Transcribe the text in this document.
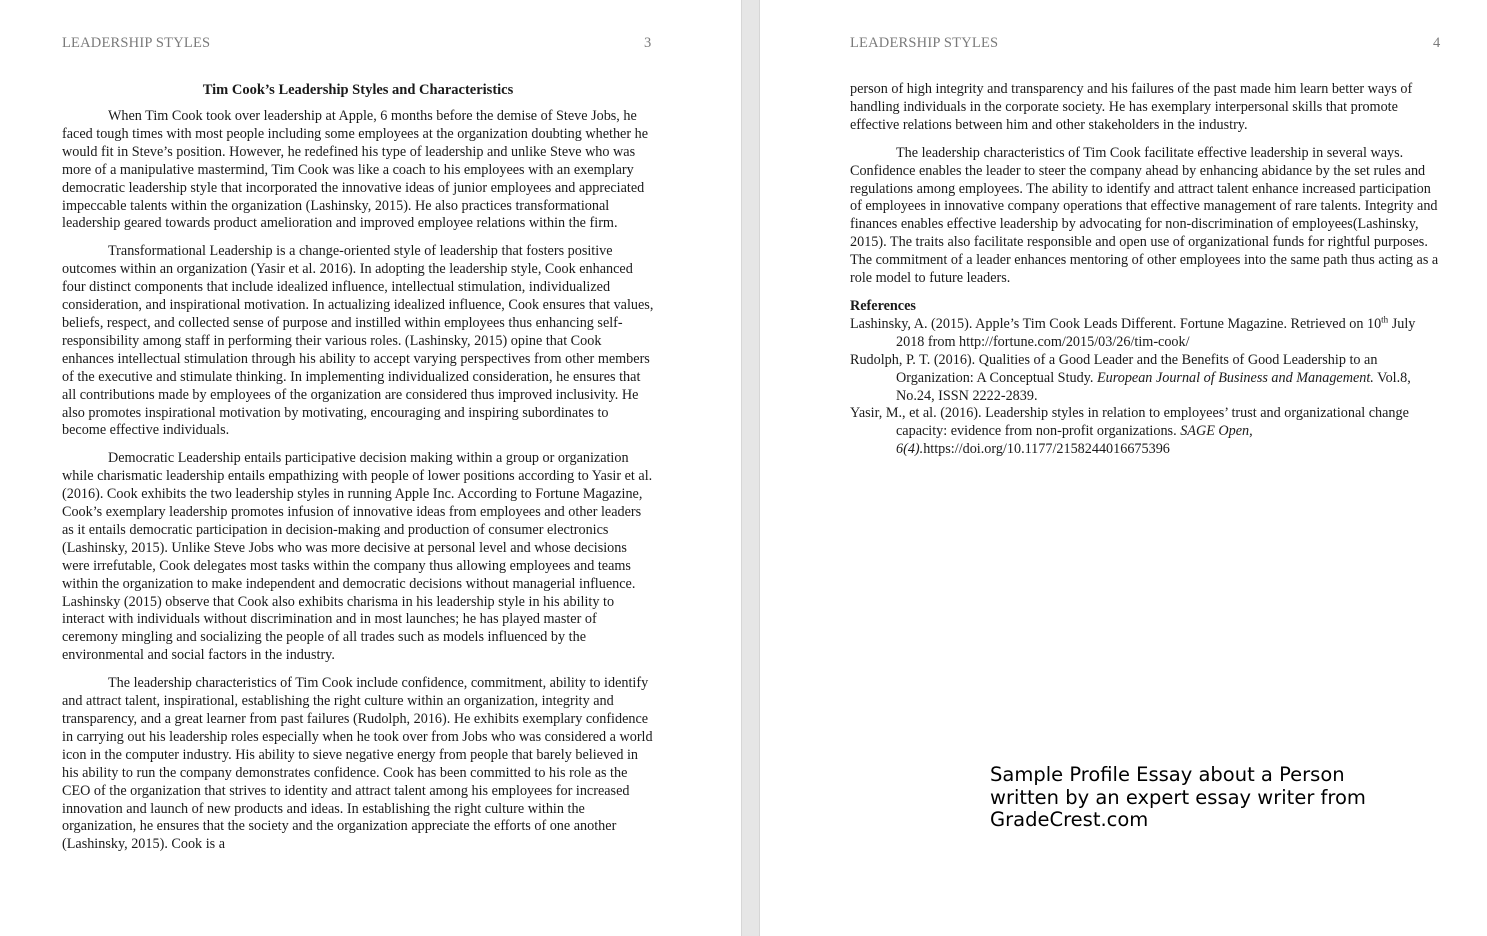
LEADERSHIP STYLES	3
Tim Cook’s Leadership Styles and Characteristics

When Tim Cook took over leadership at Apple, 6 months before the demise of Steve Jobs, he faced tough times with most people including some employees at the organization doubting whether he would fit in Steve’s position. However, he redefined his type of leadership and unlike Steve who was more of a manipulative mastermind, Tim Cook was like a coach to his employees with an exemplary democratic leadership style that incorporated the innovative ideas of junior employees and appreciated impeccable talents within the organization (Lashinsky, 2015). He also practices transformational leadership geared towards product amelioration and improved employee relations within the firm.

Transformational Leadership is a change-oriented style of leadership that fosters positive outcomes within an organization (Yasir et al. 2016). In adopting the leadership style, Cook enhanced four distinct components that include idealized influence, intellectual stimulation, individualized consideration, and inspirational motivation. In actualizing idealized influence, Cook ensures that values, beliefs, respect, and collected sense of purpose and instilled within employees thus enhancing self-responsibility among staff in performing their various roles. (Lashinsky, 2015) opine that Cook enhances intellectual stimulation through his ability to accept varying perspectives from other members of the executive and stimulate thinking. In implementing individualized consideration, he ensures that all contributions made by employees of the organization are considered thus improved inclusivity. He also promotes inspirational motivation by motivating, encouraging and inspiring subordinates to become effective individuals.

Democratic Leadership entails participative decision making within a group or organization while charismatic leadership entails empathizing with people of lower positions according to Yasir et al. (2016). Cook exhibits the two leadership styles in running Apple Inc. According to Fortune Magazine, Cook’s exemplary leadership promotes infusion of innovative ideas from employees and other leaders as it entails democratic participation in decision-making and production of consumer electronics (Lashinsky, 2015). Unlike Steve Jobs who was more decisive at personal level and whose decisions were irrefutable, Cook delegates most tasks within the company thus allowing employees and teams within the organization to make independent and democratic decisions without managerial influence. Lashinsky (2015) observe that Cook also exhibits charisma in his leadership style in his ability to interact with individuals without discrimination and in most launches; he has played master of ceremony mingling and socializing the people of all trades such as models influenced by the environmental and social factors in the industry.

The leadership characteristics of Tim Cook include confidence, commitment, ability to identify and attract talent, inspirational, establishing the right culture within an organization, integrity and transparency, and a great learner from past failures (Rudolph, 2016). He exhibits exemplary confidence in carrying out his leadership roles especially when he took over from Jobs who was considered a world icon in the computer industry. His ability to sieve negative energy from people that barely believed in his ability to run the company demonstrates confidence. Cook has been committed to his role as the CEO of the organization that strives to identity and attract talent among his employees for increased innovation and launch of new products and ideas. In establishing the right culture within the organization, he ensures that the society and the organization appreciate the efforts of one another (Lashinsky, 2015). Cook is a

LEADERSHIP STYLES	4

person of high integrity and transparency and his failures of the past made him learn better ways of handling individuals in the corporate society. He has exemplary interpersonal skills that promote effective relations between him and other stakeholders in the industry.

The leadership characteristics of Tim Cook facilitate effective leadership in several ways. Confidence enables the leader to steer the company ahead by enhancing abidance by the set rules and regulations among employees. The ability to identify and attract talent enhance increased participation of employees in innovative company operations that effective management of rare talents. Integrity and finances enables effective leadership by advocating for non-discrimination of employees(Lashinsky, 2015). The traits also facilitate responsible and open use of organizational funds for rightful purposes. The commitment of a leader enhances mentoring of other employees into the same path thus acting as a role model to future leaders.

References

Lashinsky, A. (2015). Apple’s Tim Cook Leads Different. Fortune Magazine. Retrieved on 10th July 2018 from http://fortune.com/2015/03/26/tim-cook/

Rudolph, P. T. (2016). Qualities of a Good Leader and the Benefits of Good Leadership to an Organization: A Conceptual Study. European Journal of Business and Management. Vol.8, No.24, ISSN 2222-2839.

Yasir, M., et al. (2016). Leadership styles in relation to employees’ trust and organizational change capacity: evidence from non-profit organizations. SAGE Open, 6(4).https://doi.org/10.1177/2158244016675396

Sample Profile Essay about a Person
written by an expert essay writer from
GradeCrest.com
